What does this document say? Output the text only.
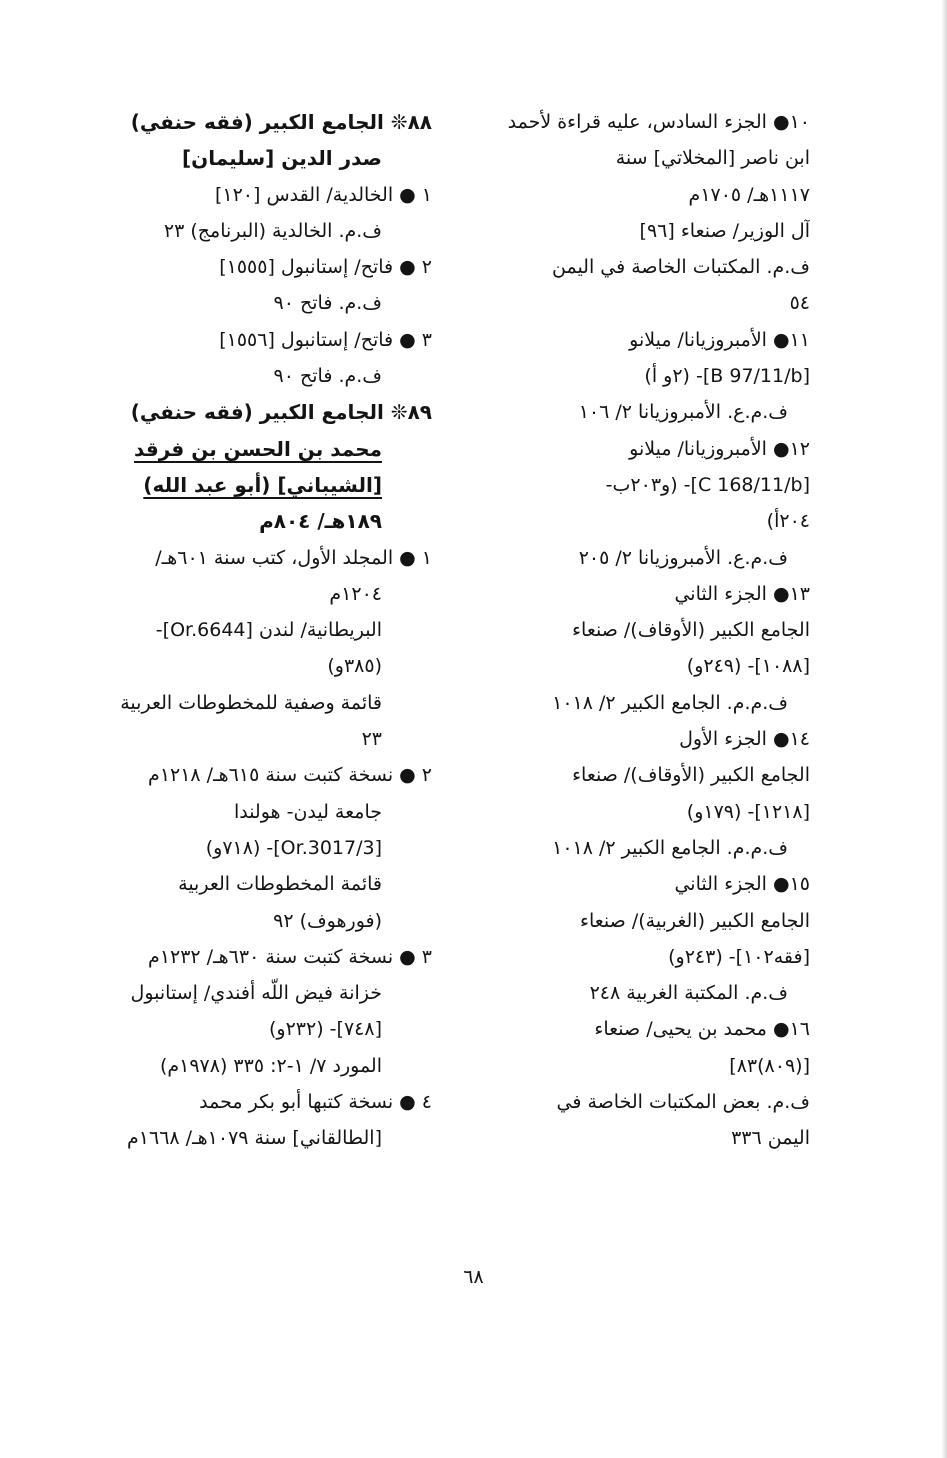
١٠● الجزء السادس، عليه قراءة لأحمد
ابن ناصر [المخلاتي] سنة
١١١٧هـ/ ١٧٠٥م
آل الوزير/ صنعاء [٩٦]
ف.م. المكتبات الخاصة في اليمن
٥٤
١١● الأمبروزيانا/ ميلانو
[B 97/11/b]- (٢و أ)
ف.م.ع. الأمبروزيانا ٢/ ١٠٦
١٢● الأمبروزيانا/ ميلانو
[C 168/11/b]- (و٢٠٣ب-
٢٠٤أ)
ف.م.ع. الأمبروزيانا ٢/ ٢٠٥
١٣● الجزء الثاني
الجامع الكبير (الأوقاف)/ صنعاء
[١٠٨٨]- (٢٤٩و)
ف.م.م. الجامع الكبير ٢/ ١٠١٨
١٤● الجزء الأول
الجامع الكبير (الأوقاف)/ صنعاء
[١٢١٨]- (١٧٩و)
ف.م.م. الجامع الكبير ٢/ ١٠١٨
١٥● الجزء الثاني
الجامع الكبير (الغربية)/ صنعاء
[فقه١٠٢]- (٢٤٣و)
ف.م. المكتبة الغربية ٢٤٨
١٦● محمد بن يحيى/ صنعاء
[(٨٠٩)٨٣]
ف.م. بعض المكتبات الخاصة في
اليمن ٣٣٦
٨٨❊ الجامع الكبير (فقه حنفي)
صدر الدين [سليمان]
١ ● الخالدية/ القدس [١٢٠]
ف.م. الخالدية (البرنامج) ٢٣
٢ ● فاتح/ إستانبول [١٥٥٥]
ف.م. فاتح ٩٠
٣ ● فاتح/ إستانبول [١٥٥٦]
ف.م. فاتح ٩٠
٨٩❊ الجامع الكبير (فقه حنفي)
محمد بن الحسن بن فرقد
[الشيباني] (أبو عبد الله)
١٨٩هـ/ ٨٠٤م
١ ● المجلد الأول، كتب سنة ٦٠١هـ/
١٢٠٤م
البريطانية/ لندن [Or.6644]-
(٣٨٥و)
قائمة وصفية للمخطوطات العربية
٢٣
٢ ● نسخة كتبت سنة ٦١٥هـ/ ١٢١٨م
جامعة ليدن- هولندا
[Or.3017/3]- (٧١٨و)
قائمة المخطوطات العربية
(فورهوف) ٩٢
٣ ● نسخة كتبت سنة ٦٣٠هـ/ ١٢٣٢م
خزانة فيض اللّه أفندي/ إستانبول
[٧٤٨]- (٢٣٢و)
المورد ٧/ ١-٢: ٣٣٥ (١٩٧٨م)
٤ ● نسخة كتبها أبو بكر محمد
[الطالقاني] سنة ١٠٧٩هـ/ ١٦٦٨م
٦٨
